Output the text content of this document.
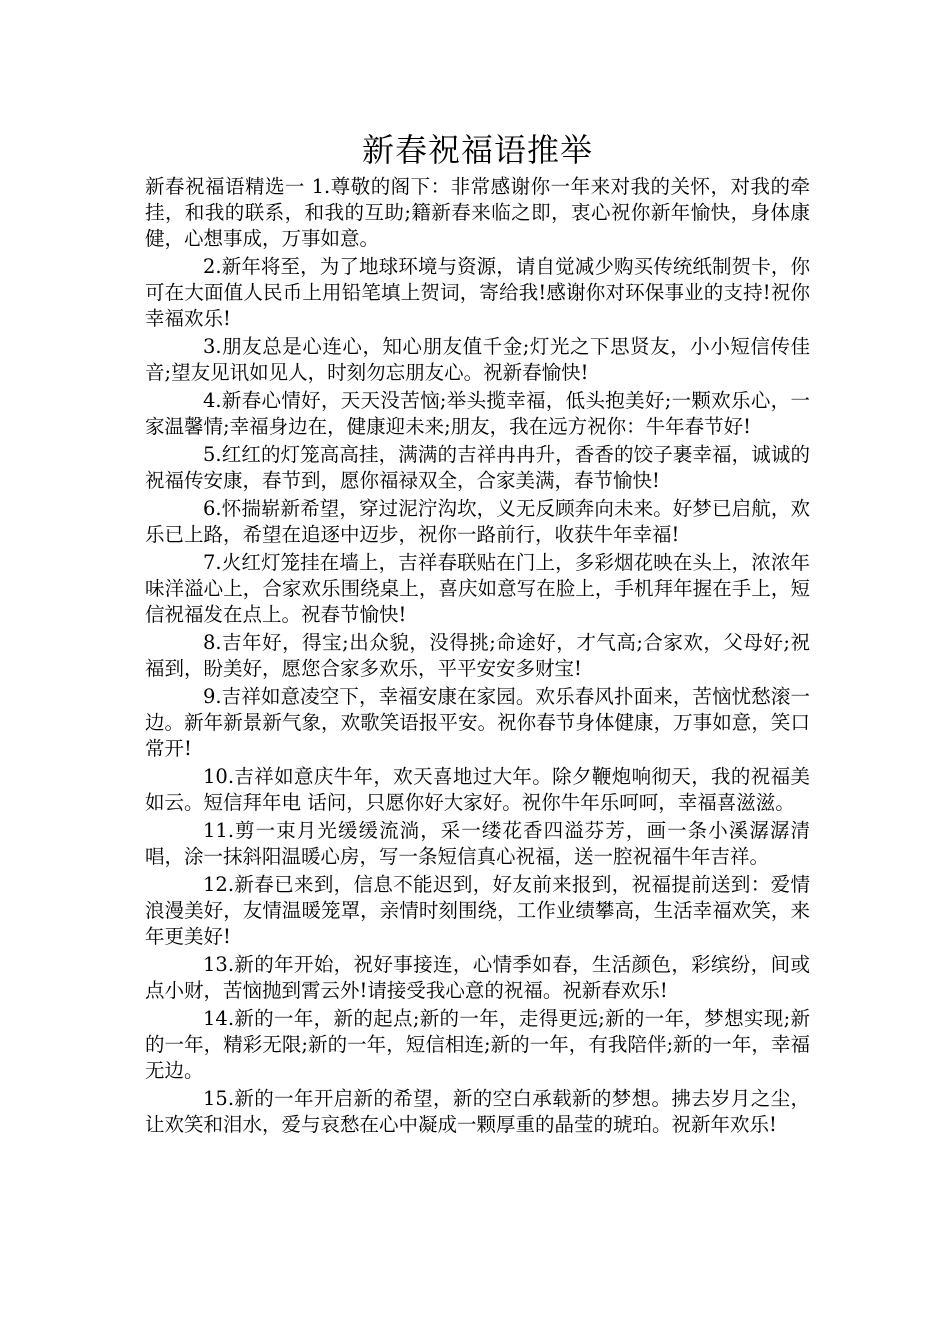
新春祝福语推举

新春祝福语精选一 1.尊敬的阁下：非常感谢你一年来对我的关怀，对我的牵挂，和我的联系，和我的互助;籍新春来临之即，衷心祝你新年愉快，身体康健，心想事成，万事如意。

2.新年将至，为了地球环境与资源，请自觉减少购买传统纸制贺卡，你可在大面值人民币上用铅笔填上贺词，寄给我!感谢你对环保事业的支持!祝你幸福欢乐!

3.朋友总是心连心，知心朋友值千金;灯光之下思贤友，小小短信传佳音;望友见讯如见人，时刻勿忘朋友心。祝新春愉快!

4.新春心情好，天天没苦恼;举头揽幸福，低头抱美好;一颗欢乐心，一家温馨情;幸福身边在，健康迎未来;朋友，我在远方祝你：牛年春节好!

5.红红的灯笼高高挂，满满的吉祥冉冉升，香香的饺子裹幸福，诚诚的祝福传安康，春节到，愿你福禄双全，合家美满，春节愉快!

6.怀揣崭新希望，穿过泥泞沟坎，义无反顾奔向未来。好梦已启航，欢乐已上路，希望在追逐中迈步，祝你一路前行，收获牛年幸福!

7.火红灯笼挂在墙上，吉祥春联贴在门上，多彩烟花映在头上，浓浓年味洋溢心上，合家欢乐围绕桌上，喜庆如意写在脸上，手机拜年握在手上，短信祝福发在点上。祝春节愉快!

8.吉年好，得宝;出众貌，没得挑;命途好，才气高;合家欢，父母好;祝福到，盼美好，愿您合家多欢乐，平平安安多财宝!

9.吉祥如意凌空下，幸福安康在家园。欢乐春风扑面来，苦恼忧愁滚一边。新年新景新气象，欢歌笑语报平安。祝你春节身体健康，万事如意，笑口常开!

10.吉祥如意庆牛年，欢天喜地过大年。除夕鞭炮响彻天，我的祝福美如云。短信拜年电 话问，只愿你好大家好。祝你牛年乐呵呵，幸福喜滋滋。

11.剪一束月光缓缓流淌，采一缕花香四溢芬芳，画一条小溪潺潺清唱，涂一抹斜阳温暖心房，写一条短信真心祝福，送一腔祝福牛年吉祥。

12.新春已来到，信息不能迟到，好友前来报到，祝福提前送到：爱情浪漫美好，友情温暖笼罩，亲情时刻围绕，工作业绩攀高，生活幸福欢笑，来年更美好!

13.新的年开始，祝好事接连，心情季如春，生活颜色，彩缤纷，间或点小财，苦恼抛到霄云外!请接受我心意的祝福。祝新春欢乐!

14.新的一年，新的起点;新的一年，走得更远;新的一年，梦想实现;新的一年，精彩无限;新的一年，短信相连;新的一年，有我陪伴;新的一年，幸福无边。

15.新的一年开启新的希望，新的空白承载新的梦想。拂去岁月之尘，让欢笑和泪水，爱与哀愁在心中凝成一颗厚重的晶莹的琥珀。祝新年欢乐!
